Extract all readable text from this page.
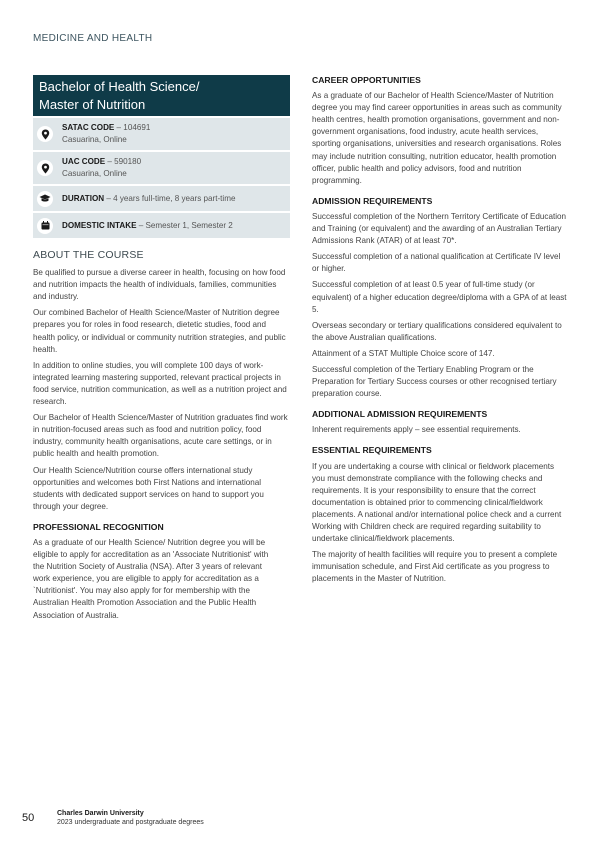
MEDICINE AND HEALTH
Bachelor of Health Science/
Master of Nutrition
SATAC CODE – 104691
Casuarina, Online
UAC CODE – 590180
Casuarina, Online
DURATION – 4 years full-time, 8 years part-time
DOMESTIC INTAKE – Semester 1, Semester 2
ABOUT THE COURSE

Be qualified to pursue a diverse career in health, focusing on how food and nutrition impacts the health of individuals, families, communities and industry.

Our combined Bachelor of Health Science/Master of Nutrition degree prepares you for roles in food research, dietetic studies, food and health policy, or individual or community nutrition strategies, and public health.

In addition to online studies, you will complete 100 days of work-integrated learning mastering supported, relevant practical projects in food service, nutrition communication, as well as a nutrition project and research.

Our Bachelor of Health Science/Master of Nutrition graduates find work in nutrition-focused areas such as food and nutrition policy, food industry, community health organisations, acute care settings, or in public health and health promotion.

Our Health Science/Nutrition course offers international study opportunities and welcomes both First Nations and international students with dedicated support services on hand to support you through your degree.

PROFESSIONAL RECOGNITION

As a graduate of our Health Science/ Nutrition degree you will be eligible to apply for accreditation as an 'Associate Nutritionist' with the Nutrition Society of Australia (NSA). After 3 years of relevant work experience, you are eligible to apply for accreditation as a `Nutritionist'. You may also apply for for membership with the Australian Health Promotion Association and the Public Health Association of Australia.

CAREER OPPORTUNITIES

As a graduate of our Bachelor of Health Science/Master of Nutrition degree you may find career opportunities in areas such as community health centres, health promotion organisations, government and non-government organisations, food industry, acute health services, sporting organisations, universities and research organisations. Roles may include nutrition consulting, nutrition educator, health promotion officer, public health and policy advisors, food and nutrition programming.

ADMISSION REQUIREMENTS

Successful completion of the Northern Territory Certificate of Education and Training (or equivalent) and the awarding of an Australian Tertiary Admissions Rank (ATAR) of at least 70*.

Successful completion of a national qualification at Certificate IV level or higher.

Successful completion of at least 0.5 year of full-time study (or equivalent) of a higher education degree/diploma with a GPA of at least 5.

Overseas secondary or tertiary qualifications considered equivalent to the above Australian qualifications.

Attainment of a STAT Multiple Choice score of 147.

Successful completion of the Tertiary Enabling Program or the Preparation for Tertiary Success courses or other recognised tertiary preparation course.

ADDITIONAL ADMISSION REQUIREMENTS

Inherent requirements apply – see essential requirements.

ESSENTIAL REQUIREMENTS

If you are undertaking a course with clinical or fieldwork placements you must demonstrate compliance with the following checks and requirements. It is your responsibility to ensure that the correct documentation is obtained prior to commencing clinical/fieldwork placements. A national and/or international police check and a current Working with Children check are required regarding suitability to undertake clinical/fieldwork placements.

The majority of health facilities will require you to present a complete immunisation schedule, and First Aid certificate as you progress to placements in the Master of Nutrition.

50	Charles Darwin University
2023 undergraduate and postgraduate degrees
